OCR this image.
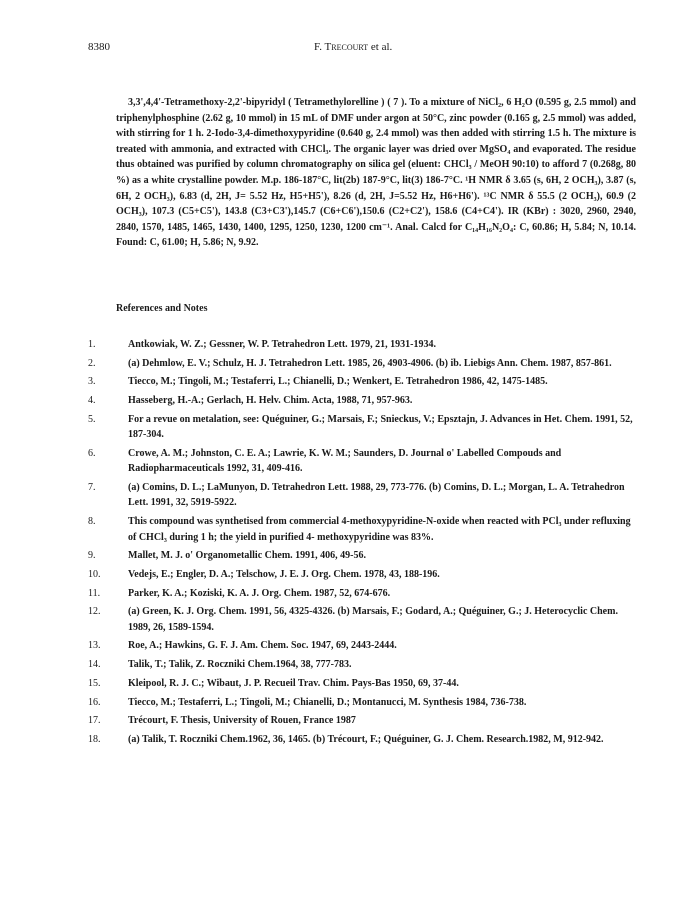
8380	F. Trecourt et al.
3,3',4,4'-Tetramethoxy-2,2'-bipyridyl ( Tetramethylorelline ) ( 7 ). To a mixture of NiCl₂, 6 H₂O (0.595 g, 2.5 mmol) and triphenylphosphine (2.62 g, 10 mmol) in 15 mL of DMF under argon at 50°C, zinc powder (0.165 g, 2.5 mmol) was added, with stirring for 1 h. 2-Iodo-3,4-dimethoxypyridine (0.640 g, 2.4 mmol) was then added with stirring 1.5 h. The mixture is treated with ammonia, and extracted with CHCl₃. The organic layer was dried over MgSO₄ and evaporated. The residue thus obtained was purified by column chromatography on silica gel (eluent: CHCl₃ / MeOH 90:10) to afford 7 (0.268g, 80 %) as a white crystalline powder. M.p. 186-187°C, lit(2b) 187-9°C, lit(3) 186-7°C. ¹H NMR δ 3.65 (s, 6H, 2 OCH₃), 3.87 (s, 6H, 2 OCH₃), 6.83 (d, 2H, J= 5.52 Hz, H5+H5'), 8.26 (d, 2H, J=5.52 Hz, H6+H6'). ¹³C NMR δ 55.5 (2 OCH₃), 60.9 (2 OCH₃), 107.3 (C5+C5'), 143.8 (C3+C3'),145.7 (C6+C6'),150.6 (C2+C2'), 158.6 (C4+C4'). IR (KBr) : 3020, 2960, 2940, 2840, 1570, 1485, 1465, 1430, 1400, 1295, 1250, 1230, 1200 cm⁻¹. Anal. Calcd for C₁₄H₁₆N₂O₄: C, 60.86; H, 5.84; N, 10.14. Found: C, 61.00; H, 5.86; N, 9.92.
References and Notes
1.	Antkowiak, W. Z.; Gessner, W. P. Tetrahedron Lett. 1979, 21, 1931-1934.
2.	(a) Dehmlow, E. V.; Schulz, H. J. Tetrahedron Lett. 1985, 26, 4903-4906. (b) ib. Liebigs Ann. Chem. 1987, 857-861.
3.	Tiecco, M.; Tingoli, M.; Testaferri, L.; Chianelli, D.; Wenkert, E. Tetrahedron 1986, 42, 1475-1485.
4.	Hasseberg, H.-A.; Gerlach, H. Helv. Chim. Acta, 1988, 71, 957-963.
5.	For a revue on metalation, see: Quéguiner, G.; Marsais, F.; Snieckus, V.; Epsztajn, J. Advances in Het. Chem. 1991, 52, 187-304.
6.	Crowe, A. M.; Johnston, C. E. A.; Lawrie, K. W. M.; Saunders, D. Journal o' Labelled Compouds and Radiopharmaceuticals 1992, 31, 409-416.
7.	(a) Comins, D. L.; LaMunyon, D. Tetrahedron Lett. 1988, 29, 773-776. (b) Comins, D. L.; Morgan, L. A. Tetrahedron Lett. 1991, 32, 5919-5922.
8.	This compound was synthetised from commercial 4-methoxypyridine-N-oxide when reacted with PCl₃ under refluxing of CHCl₃ during 1 h; the yield in purified 4- methoxypyridine was 83%.
9.	Mallet, M. J. o' Organometallic Chem. 1991, 406, 49-56.
10.	Vedejs, E.; Engler, D. A.; Telschow, J. E. J. Org. Chem. 1978, 43, 188-196.
11.	Parker, K. A.; Koziski, K. A. J. Org. Chem. 1987, 52, 674-676.
12.	(a) Green, K. J. Org. Chem. 1991, 56, 4325-4326. (b) Marsais, F.; Godard, A.; Quéguiner, G.; J. Heterocyclic Chem. 1989, 26, 1589-1594.
13.	Roe, A.; Hawkins, G. F. J. Am. Chem. Soc. 1947, 69, 2443-2444.
14.	Talik, T.; Talik, Z. Roczniki Chem.1964, 38, 777-783.
15.	Kleipool, R. J. C.; Wibaut, J. P. Recueil Trav. Chim. Pays-Bas 1950, 69, 37-44.
16.	Tiecco, M.; Testaferri, L.; Tingoli, M.; Chianelli, D.; Montanucci, M. Synthesis 1984, 736-738.
17.	Trécourt, F. Thesis, University of Rouen, France 1987
18.	(a) Talik, T. Roczniki Chem.1962, 36, 1465. (b) Trécourt, F.; Quéguiner, G. J. Chem. Research.1982, M, 912-942.
